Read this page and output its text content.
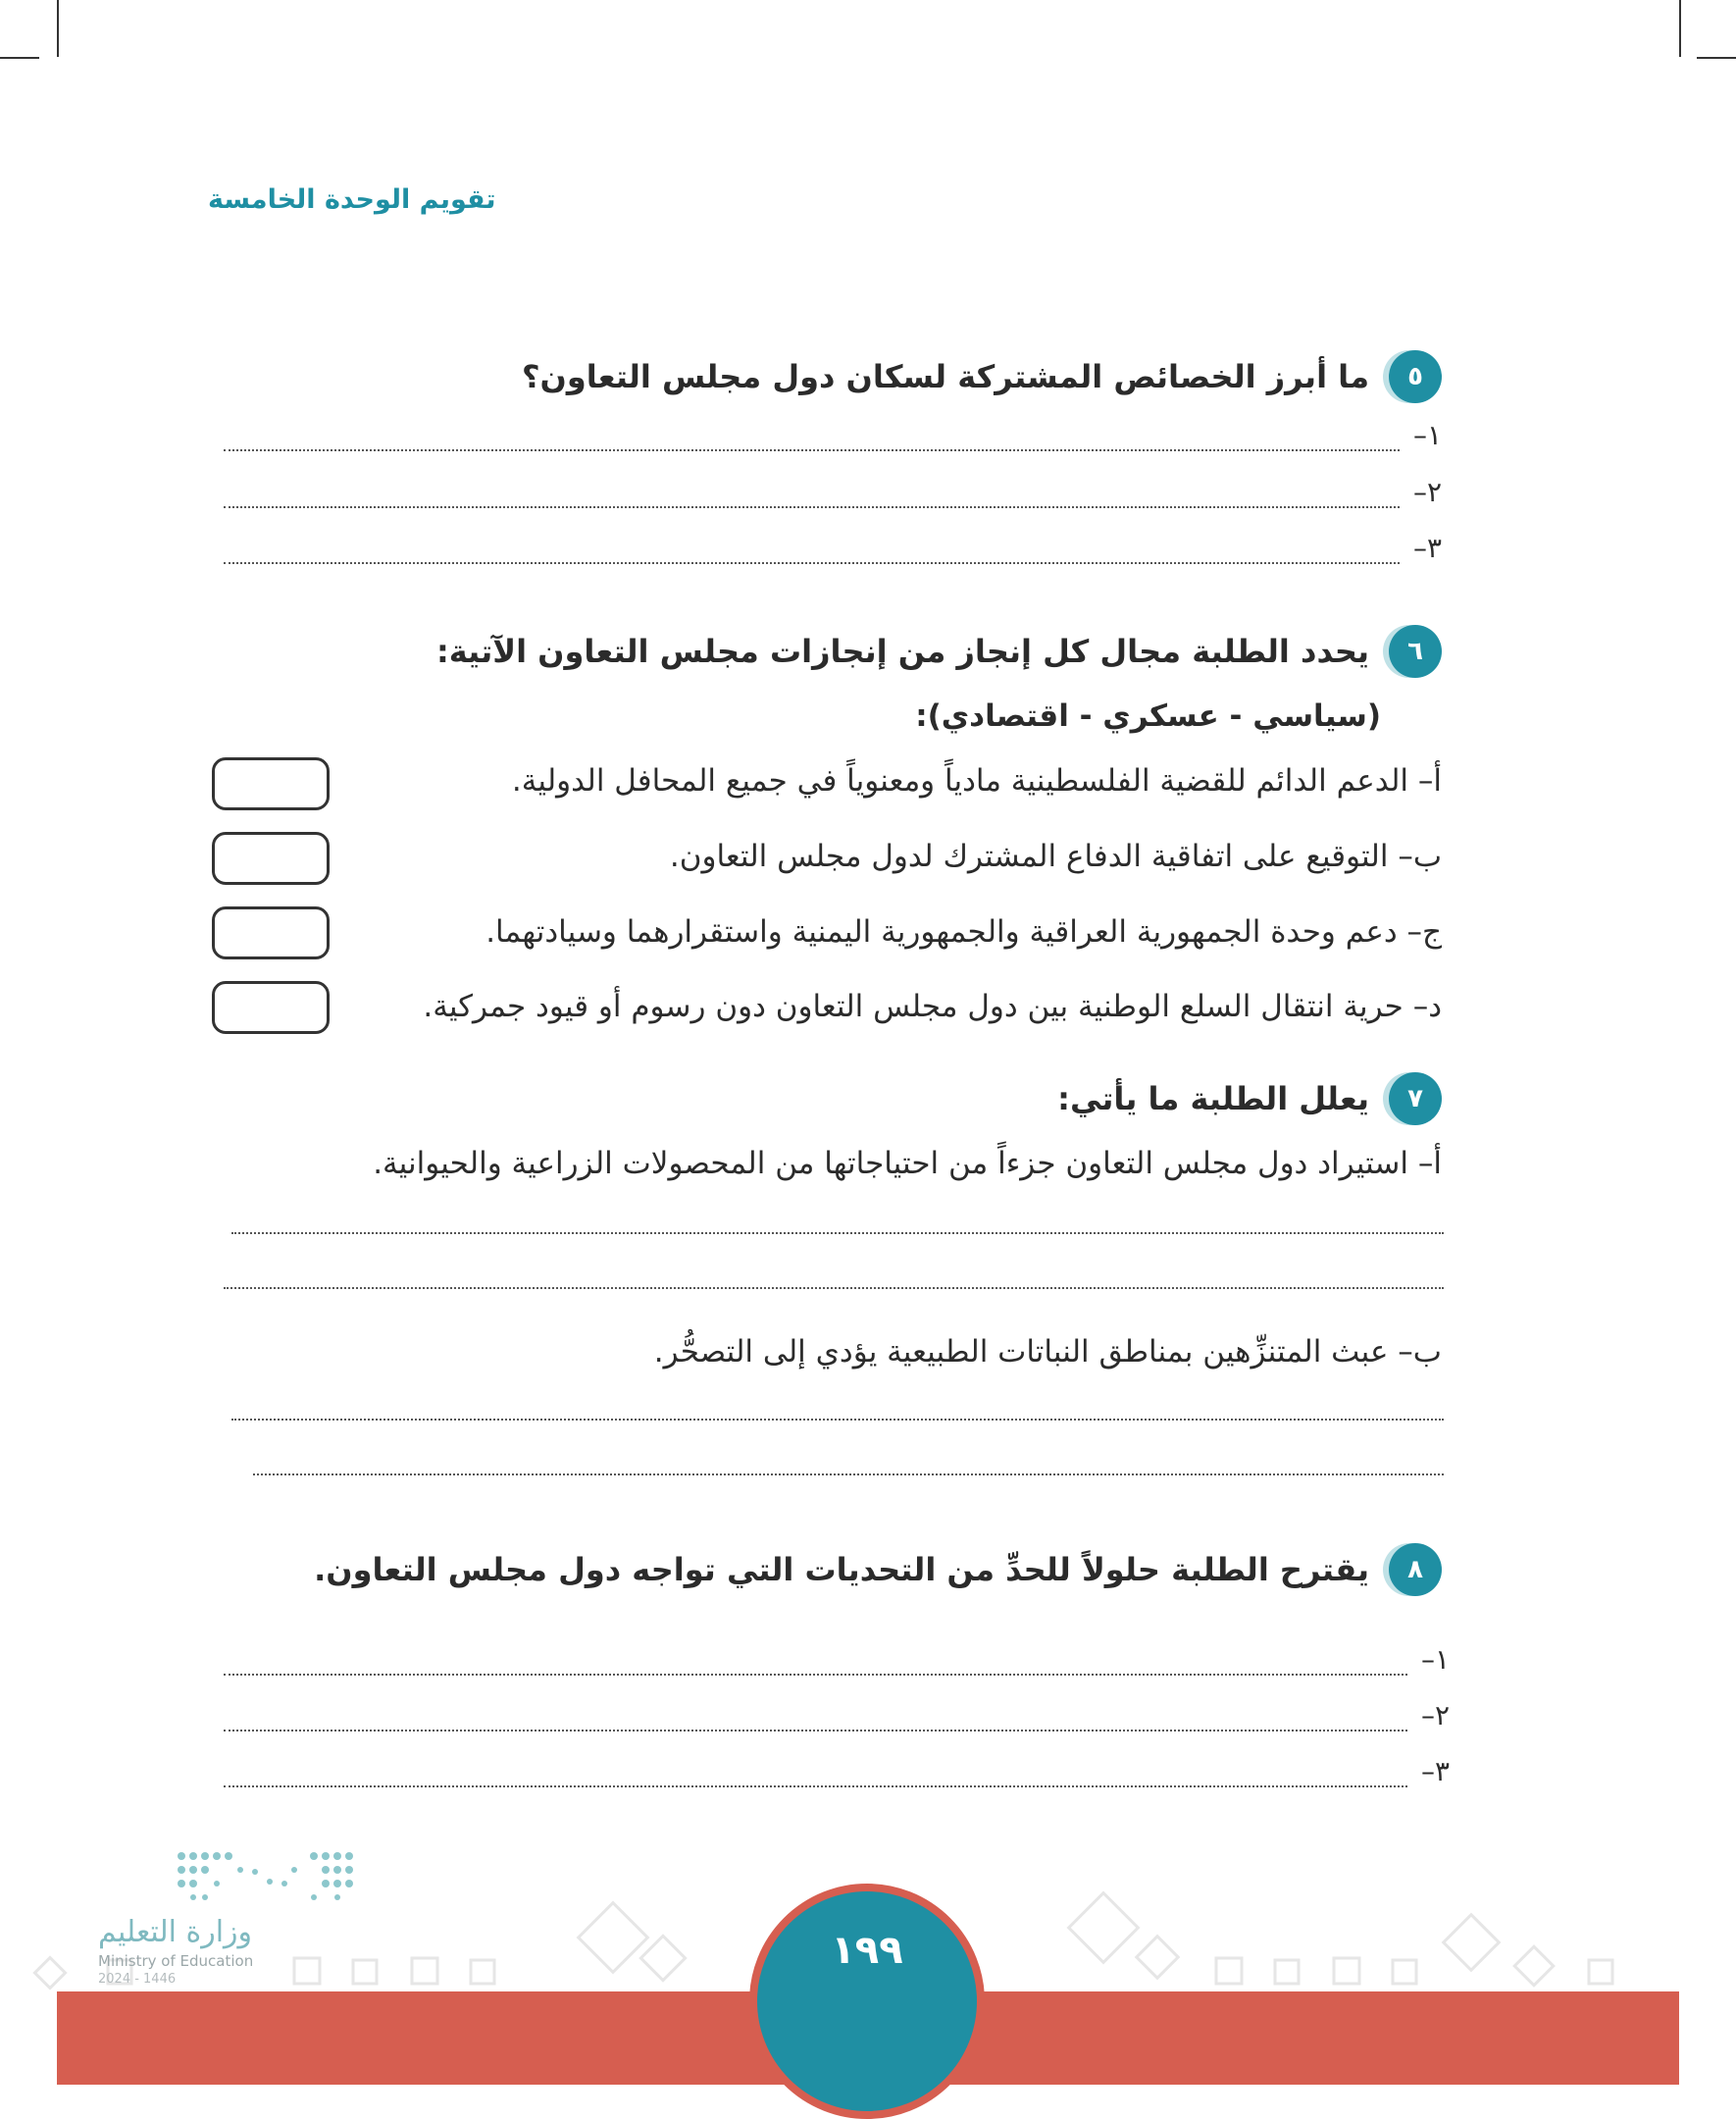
تقويم الوحدة الخامسة
٥
ما أبرز الخصائص المشتركة لسكان دول مجلس التعاون؟
١–
٢–
٣–
٦
يحدد الطلبة مجال كل إنجاز من إنجازات مجلس التعاون الآتية:
(سياسي - عسكري - اقتصادي):
أ– الدعم الدائم للقضية الفلسطينية مادياً ومعنوياً في جميع المحافل الدولية.
ب– التوقيع على اتفاقية الدفاع المشترك لدول مجلس التعاون.
ج– دعم وحدة الجمهورية العراقية والجمهورية اليمنية واستقرارهما وسيادتهما.
د– حرية انتقال السلع الوطنية بين دول مجلس التعاون دون رسوم أو قيود جمركية.
٧
يعلل الطلبة ما يأتي:
أ– استيراد دول مجلس التعاون جزءاً من احتياجاتها من المحصولات الزراعية والحيوانية.
ب– عبث المتنزِّهين بمناطق النباتات الطبيعية يؤدي إلى التصحُّر.
٨
يقترح الطلبة حلولاً للحدِّ من التحديات التي تواجه دول مجلس التعاون.
١–
٢–
٣–
١٩٩
وزارة التعليم
Ministry of Education
2024 - 1446
